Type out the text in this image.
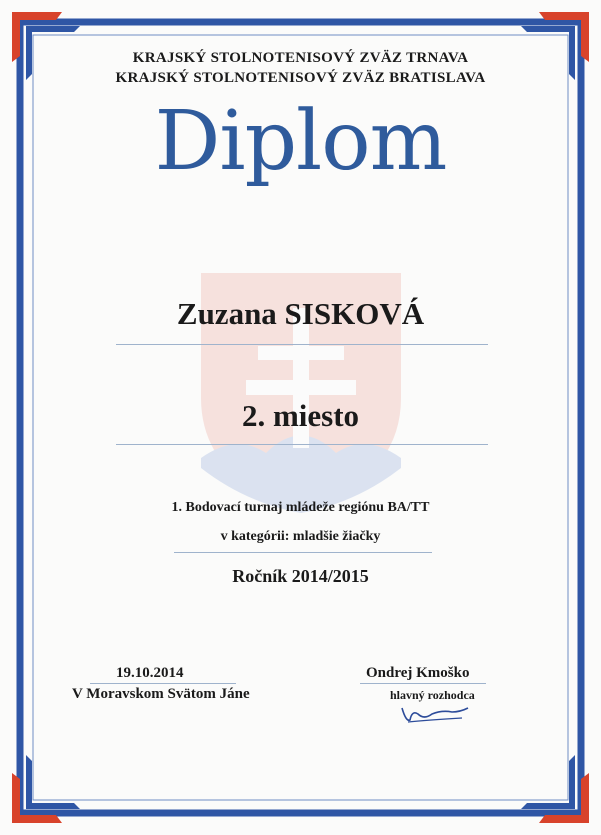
KRAJSKÝ STOLNOTENISOVÝ ZVÄZ TRNAVA
KRAJSKÝ STOLNOTENISOVÝ ZVÄZ BRATISLAVA
Diplom
Zuzana SISKOVÁ
2. miesto
1. Bodovací turnaj mládeže regiónu BA/TT
v kategórii: mladšie žiačky
Ročník 2014/2015
19.10.2014
V Moravskom Svätom Jáne
Ondrej Kmoško
hlavný rozhodca
